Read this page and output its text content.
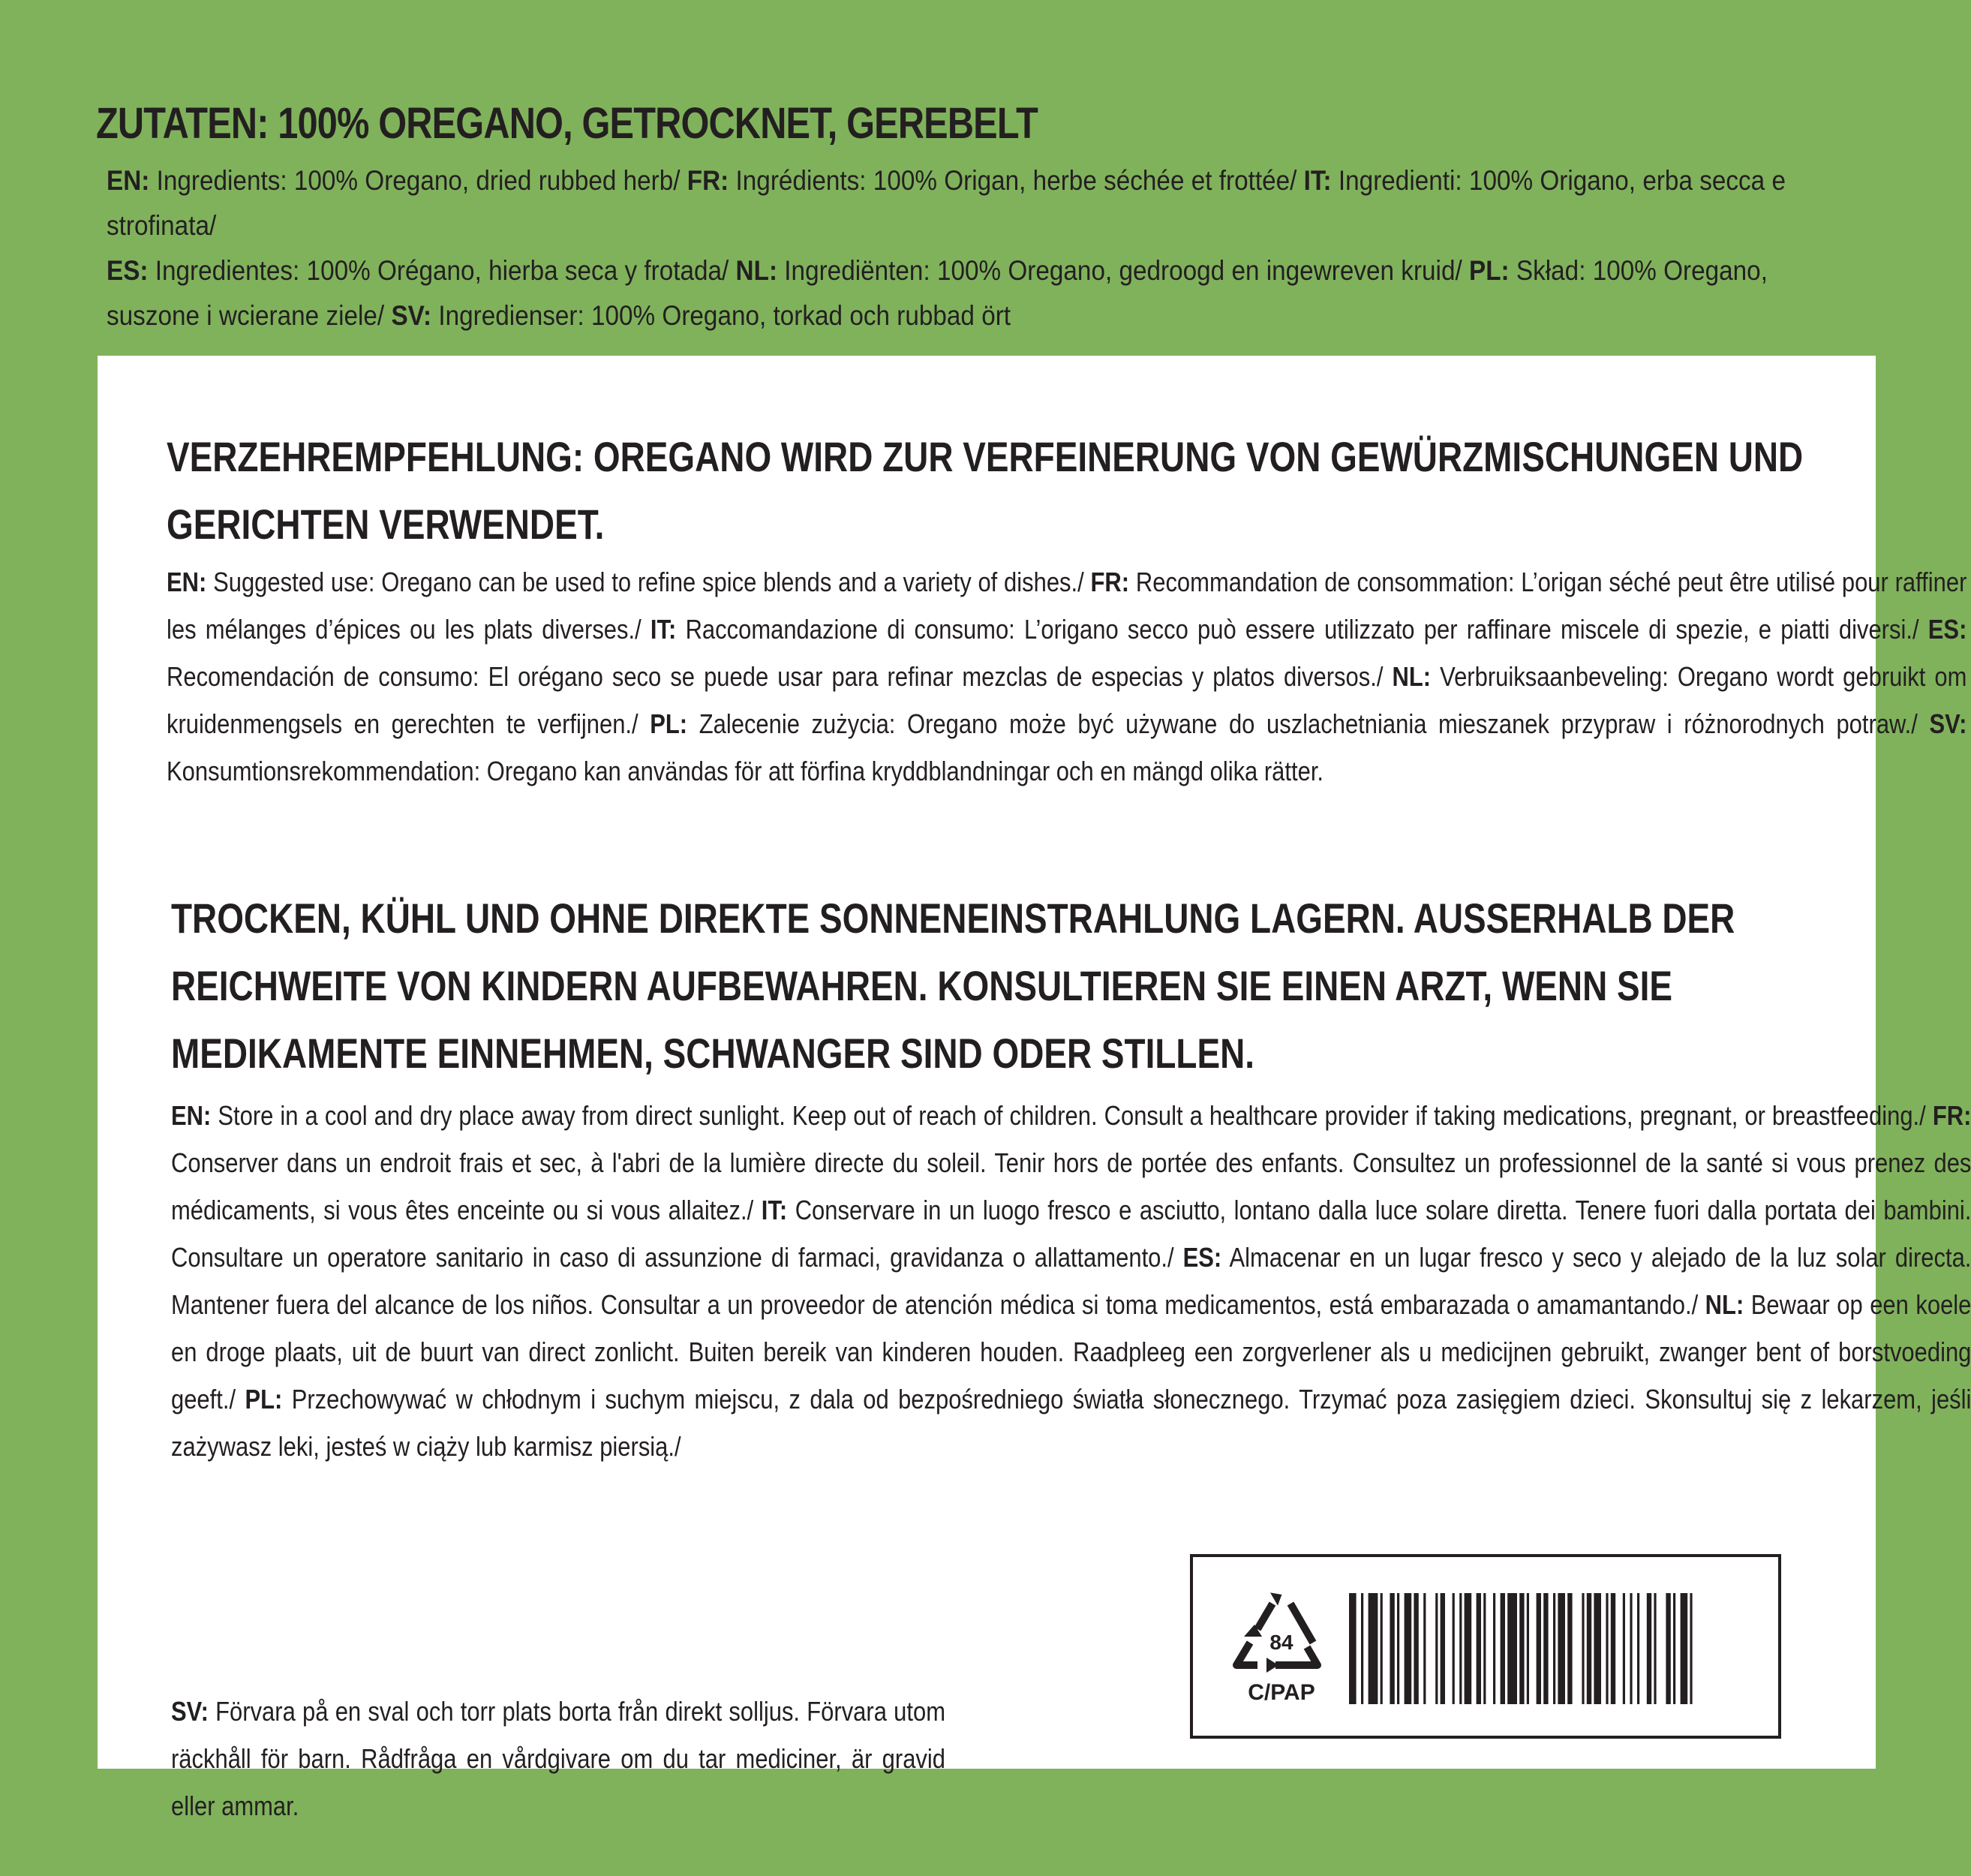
ZUTATEN: 100% OREGANO, GETROCKNET, GEREBELT
EN: Ingredients: 100% Oregano, dried rubbed herb/ FR: Ingrédients: 100% Origan, herbe séchée et frottée/ IT: Ingredienti: 100% Origano, erba secca e strofinata/
ES: Ingredientes: 100% Orégano, hierba seca y frotada/ NL: Ingrediënten: 100% Oregano, gedroogd en ingewreven kruid/ PL: Skład: 100% Oregano, suszone i wcierane ziele/ SV: Ingredienser: 100% Oregano, torkad och rubbad ört
VERZEHREMPFEHLUNG: OREGANO WIRD ZUR VERFEINERUNG VON GEWÜRZMISCHUNGEN UND GERICHTEN VERWENDET.
EN: Suggested use: Oregano can be used to refine spice blends and a variety of dishes./ FR: Recommandation de consommation: L’origan séché peut être utilisé pour raffiner les mélanges d’épices ou les plats diverses./ IT: Raccomandazione di consumo: L’origano secco può essere utilizzato per raffinare miscele di spezie, e piatti diversi./ ES: Recomendación de consumo: El orégano seco se puede usar para refinar mezclas de especias y platos diversos./ NL: Verbruiksaanbeveling: Oregano wordt gebruikt om kruidenmengsels en gerechten te verfijnen./ PL: Zalecenie zużycia: Oregano może być używane do uszlachetniania mieszanek przypraw i różnorodnych potraw./ SV: Konsumtionsrekommendation: Oregano kan användas för att förfina kryddblandningar och en mängd olika rätter.
TROCKEN, KÜHL UND OHNE DIREKTE SONNENEINSTRAHLUNG LAGERN. AUSSERHALB DER REICHWEITE VON KINDERN AUFBEWAHREN. KONSULTIEREN SIE EINEN ARZT, WENN SIE MEDIKAMENTE EINNEHMEN, SCHWANGER SIND ODER STILLEN.
EN: Store in a cool and dry place away from direct sunlight. Keep out of reach of children. Consult a healthcare provider if taking medications, pregnant, or breastfeeding./ FR: Conserver dans un endroit frais et sec, à l'abri de la lumière directe du soleil. Tenir hors de portée des enfants. Consultez un professionnel de la santé si vous prenez des médicaments, si vous êtes enceinte ou si vous allaitez./ IT: Conservare in un luogo fresco e asciutto, lontano dalla luce solare diretta. Tenere fuori dalla portata dei bambini. Consultare un operatore sanitario in caso di assunzione di farmaci, gravidanza o allattamento./ ES: Almacenar en un lugar fresco y seco y alejado de la luz solar directa. Mantener fuera del alcance de los niños. Consultar a un proveedor de atención médica si toma medicamentos, está embarazada o amamantando./ NL: Bewaar op een koele en droge plaats, uit de buurt van direct zonlicht. Buiten bereik van kinderen houden. Raadpleeg een zorgverlener als u medicijnen gebruikt, zwanger bent of borstvoeding geeft./ PL: Przechowywać w chłodnym i suchym miejscu, z dala od bezpośredniego światła słonecznego. Trzymać poza zasięgiem dzieci. Skonsultuj się z lekarzem, jeśli zażywasz leki, jesteś w ciąży lub karmisz piersią./
SV: Förvara på en sval och torr plats borta från direkt solljus. Förvara utom räckhåll för barn. Rådfråga en vårdgivare om du tar mediciner, är gravid eller ammar.
84
C/PAP
